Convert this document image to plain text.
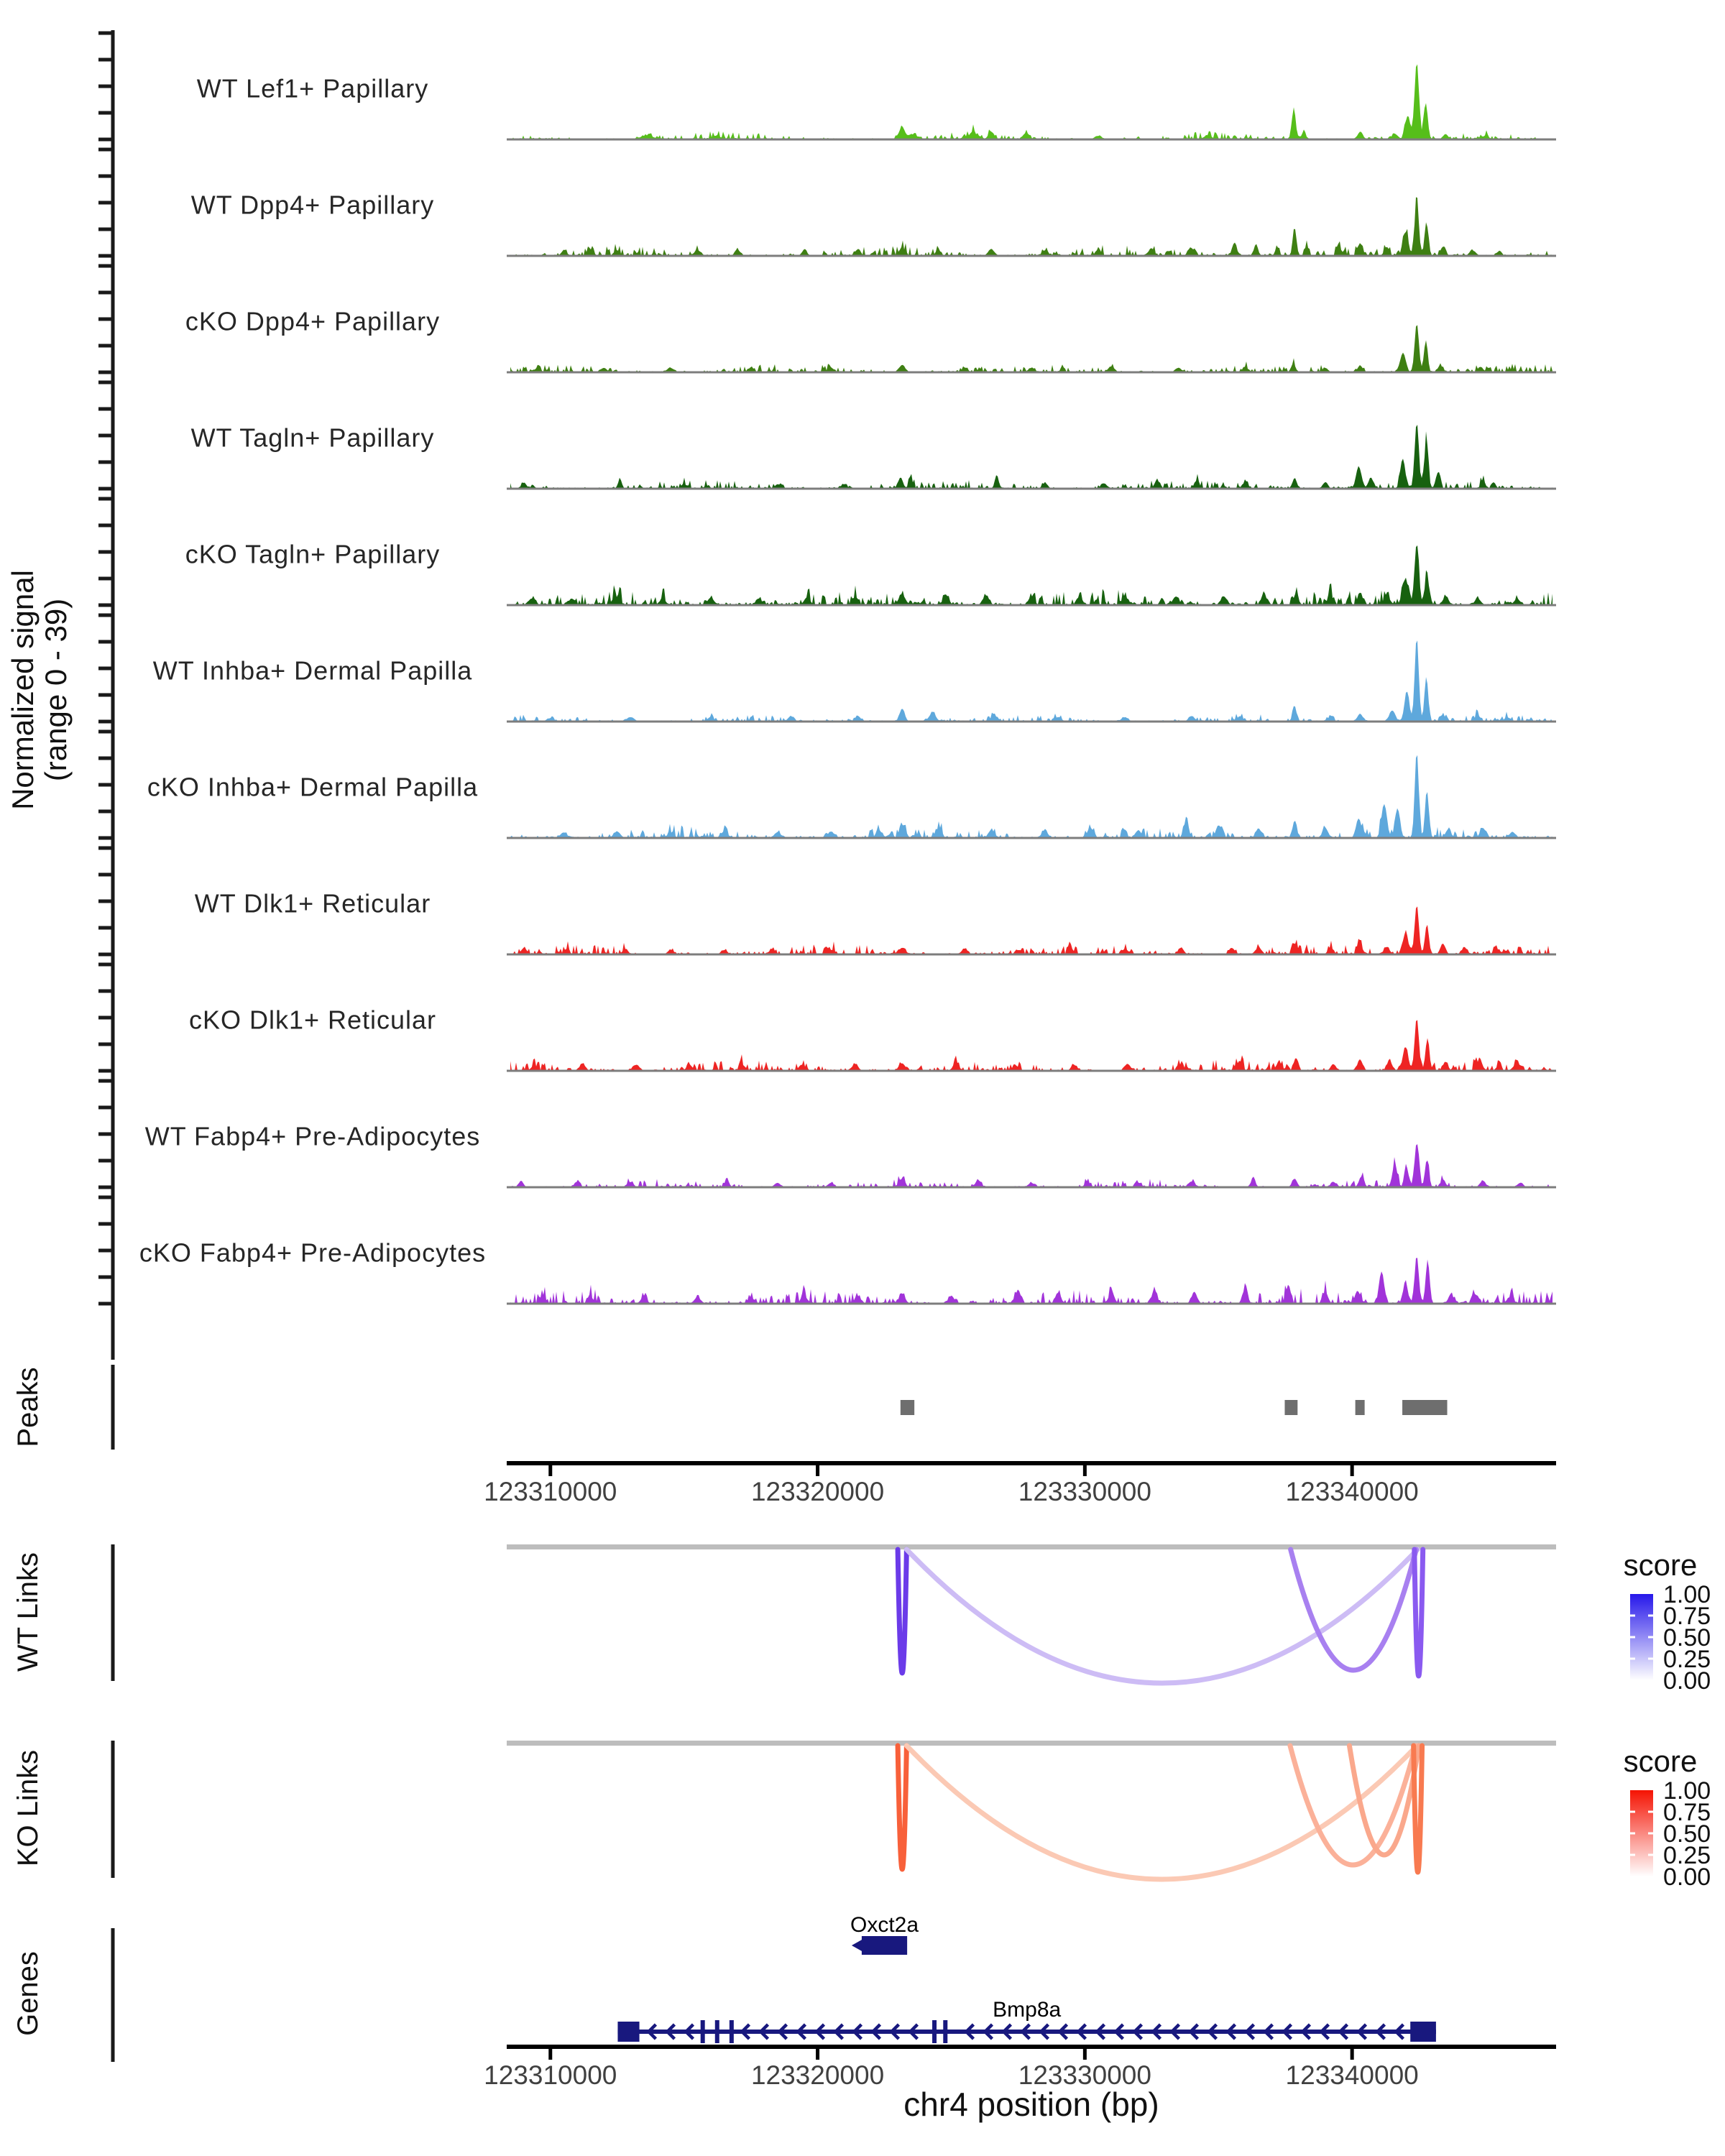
WT Lef1+ Papillary
WT Dpp4+ Papillary
cKO Dpp4+ Papillary
WT Tagln+ Papillary
cKO Tagln+ Papillary
WT Inhba+ Dermal Papilla
cKO Inhba+ Dermal Papilla
WT Dlk1+ Reticular
cKO Dlk1+ Reticular
WT Fabp4+ Pre-Adipocytes
cKO Fabp4+ Pre-Adipocytes
Normalized signal (range 0 - 39)
Peaks
123310000	123320000	123330000	123340000
WT Links	score
1.00
0.75
0.50
0.25
0.00
KO Links	score
1.00
0.75
0.50
0.25
0.00
Genes
Oxct2a
Bmp8a
123310000	123320000	123330000	123340000
chr4 position (bp)
